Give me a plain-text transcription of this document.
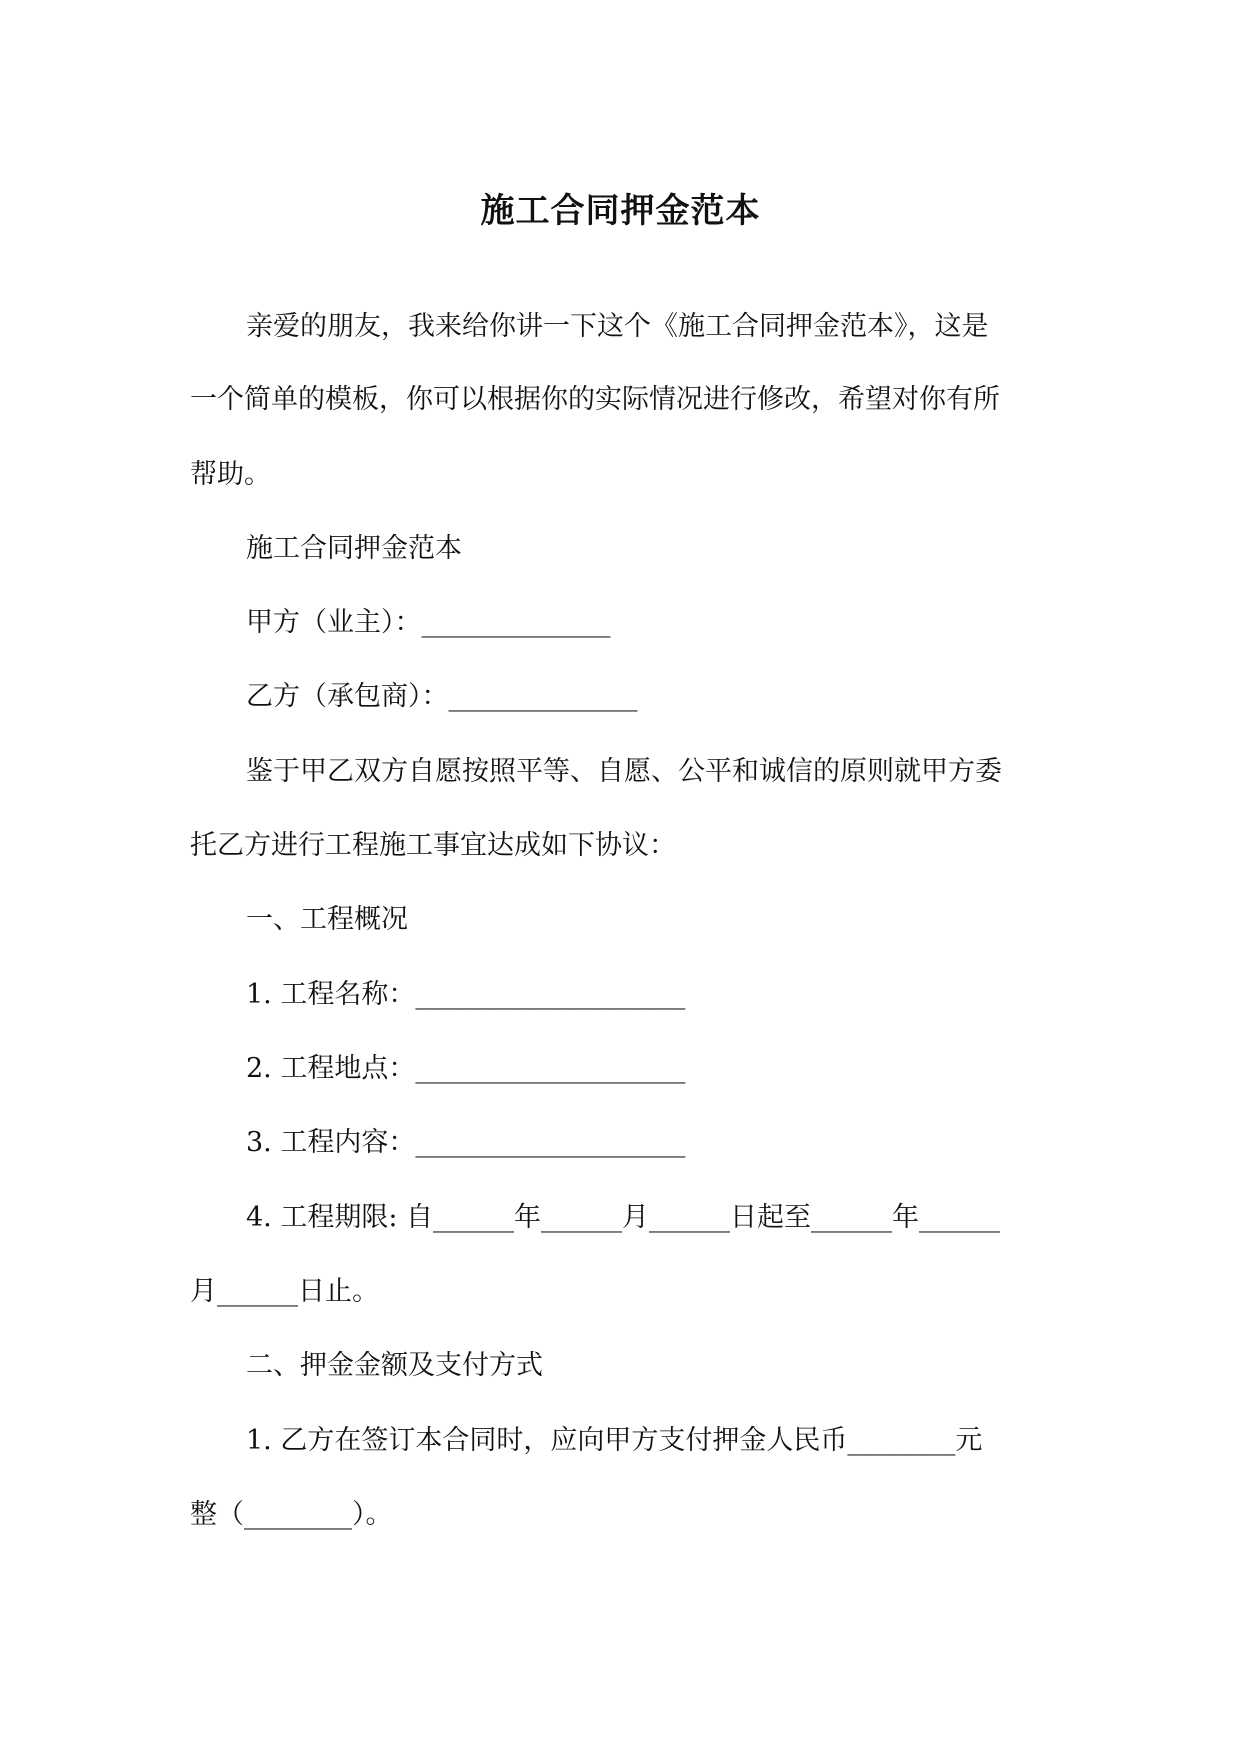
施工合同押金范本

亲爱的朋友，我来给你讲一下这个《施工合同押金范本》，这是

一个简单的模板，你可以根据你的实际情况进行修改，希望对你有所

帮助。

施工合同押金范本

甲方（业主）：______________

乙方（承包商）：______________

鉴于甲乙双方自愿按照平等、自愿、公平和诚信的原则就甲方委

托乙方进行工程施工事宜达成如下协议：

一、工程概况

1. 工程名称：____________________

2. 工程地点：____________________

3. 工程内容：____________________

4. 工程期限: 自______年______月______日起至______年______

月______日止。

二、押金金额及支付方式

1. 乙方在签订本合同时，应向甲方支付押金人民币________元

整（________）。
